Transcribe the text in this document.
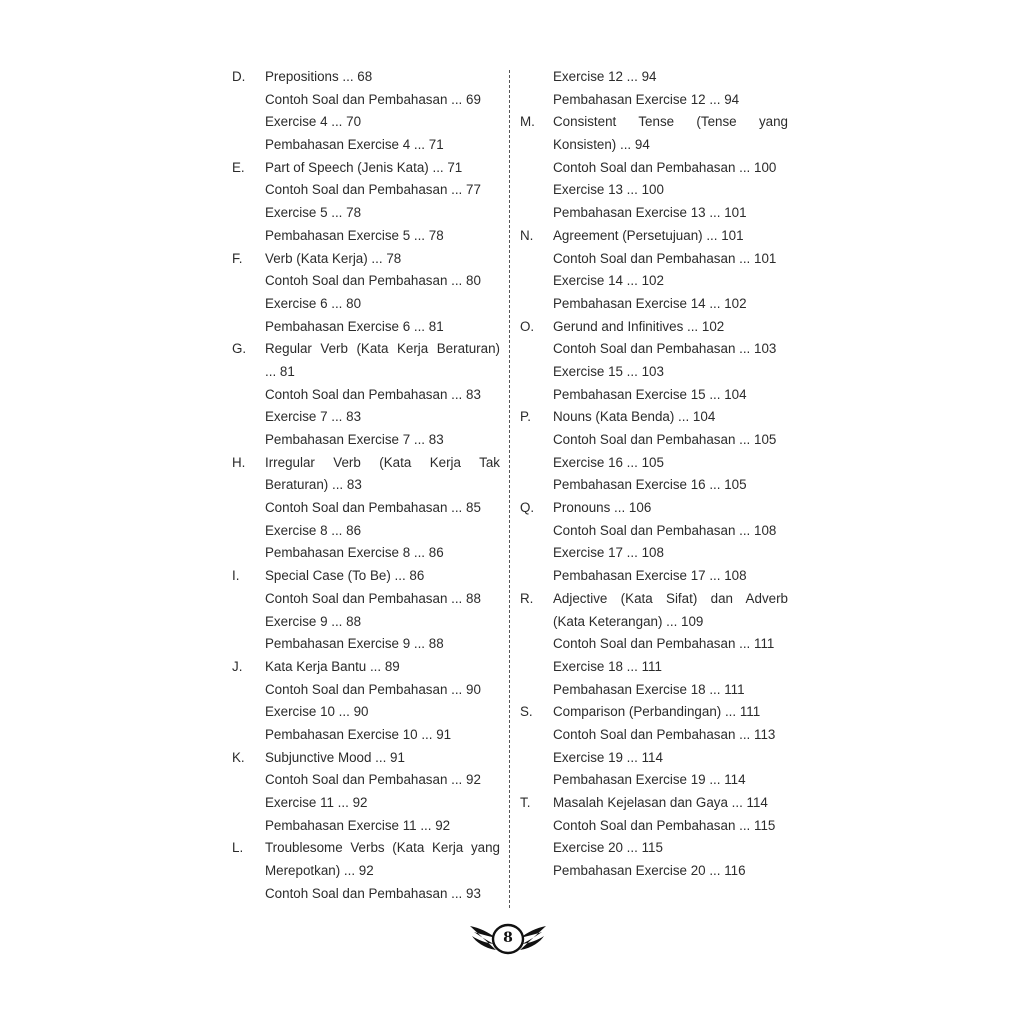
D.	Prepositions ... 68
Contoh Soal dan Pembahasan ... 69
Exercise 4 ... 70
Pembahasan Exercise 4 ... 71
E.	Part of Speech (Jenis Kata) ... 71
Contoh Soal dan Pembahasan ... 77
Exercise 5 ... 78
Pembahasan Exercise 5 ... 78
F.	Verb (Kata Kerja) ... 78
Contoh Soal dan Pembahasan ... 80
Exercise 6 ... 80
Pembahasan Exercise 6 ... 81
G.	Regular Verb (Kata Kerja Beraturan)
... 81
Contoh Soal dan Pembahasan ... 83
Exercise 7 ... 83
Pembahasan Exercise 7 ... 83
H.	Irregular Verb (Kata Kerja Tak
Beraturan) ... 83
Contoh Soal dan Pembahasan ... 85
Exercise 8 ... 86
Pembahasan Exercise 8 ... 86
I.	Special Case (To Be) ... 86
Contoh Soal dan Pembahasan ... 88
Exercise 9 ... 88
Pembahasan Exercise 9 ... 88
J.	Kata Kerja Bantu ... 89
Contoh Soal dan Pembahasan ... 90
Exercise 10 ... 90
Pembahasan Exercise 10 ... 91
K.	Subjunctive Mood ... 91
Contoh Soal dan Pembahasan ... 92
Exercise 11 ... 92
Pembahasan Exercise 11 ... 92
L.	Troublesome Verbs (Kata Kerja yang
Merepotkan) ... 92
Contoh Soal dan Pembahasan ... 93
Exercise 12 ... 94
Pembahasan Exercise 12 ... 94
M.	Consistent Tense (Tense yang
Konsisten) ... 94
Contoh Soal dan Pembahasan ... 100
Exercise 13 ... 100
Pembahasan Exercise 13 ... 101
N.	Agreement (Persetujuan) ... 101
Contoh Soal dan Pembahasan ... 101
Exercise 14 ... 102
Pembahasan Exercise 14 ... 102
O.	Gerund and Infinitives ... 102
Contoh Soal dan Pembahasan ... 103
Exercise 15 ... 103
Pembahasan Exercise 15 ... 104
P.	Nouns (Kata Benda) ... 104
Contoh Soal dan Pembahasan ... 105
Exercise 16 ... 105
Pembahasan Exercise 16 ... 105
Q.	Pronouns ... 106
Contoh Soal dan Pembahasan ... 108
Exercise 17 ... 108
Pembahasan Exercise 17 ... 108
R.	Adjective (Kata Sifat) dan Adverb
(Kata Keterangan) ... 109
Contoh Soal dan Pembahasan ... 111
Exercise 18 ... 111
Pembahasan Exercise 18 ... 111
S.	Comparison (Perbandingan) ... 111
Contoh Soal dan Pembahasan ... 113
Exercise 19 ... 114
Pembahasan Exercise 19 ... 114
T.	Masalah Kejelasan dan Gaya ... 114
Contoh Soal dan Pembahasan ... 115
Exercise 20 ... 115
Pembahasan Exercise 20 ... 116
8
